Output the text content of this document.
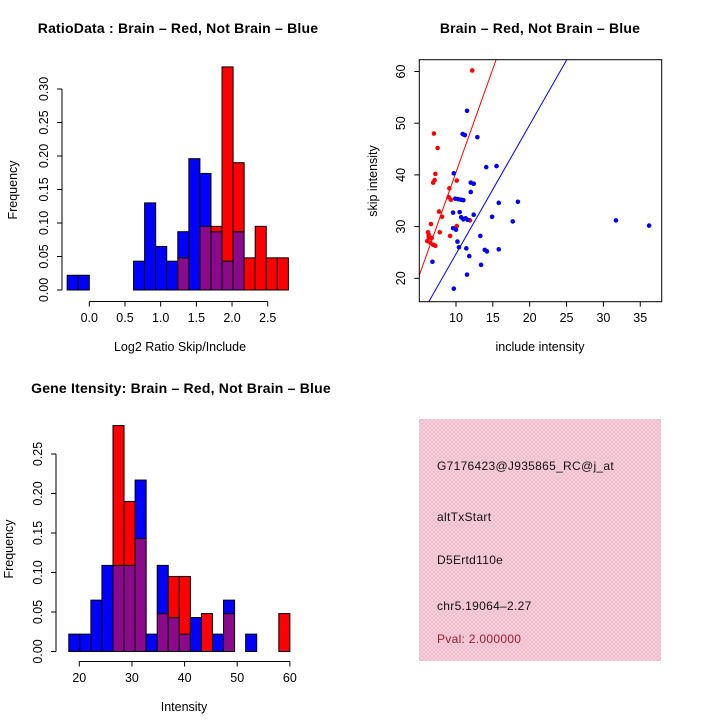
0.00
0.05
0.10
0.15
0.20
0.25
0.30
0.0 0.5 1.0 1.5 2.0 2.5
Frequency
Log2 Ratio Skip/Include
RatioData : Brain – Red, Not Brain – Blue
20
30
40
50
60
10 15 20 25 30 35
skip intensity
include intensity
Brain – Red, Not Brain – Blue
0.00
0.05
0.10
0.15
0.20
0.25
20	30	40	50	60
Frequency
Intensity
Gene Itensity: Brain – Red, Not Brain – Blue
G7176423@J935865_RC@j_at
altTxStart
D5Ertd110e
chr5.19064–2.27
Pval: 2.000000
